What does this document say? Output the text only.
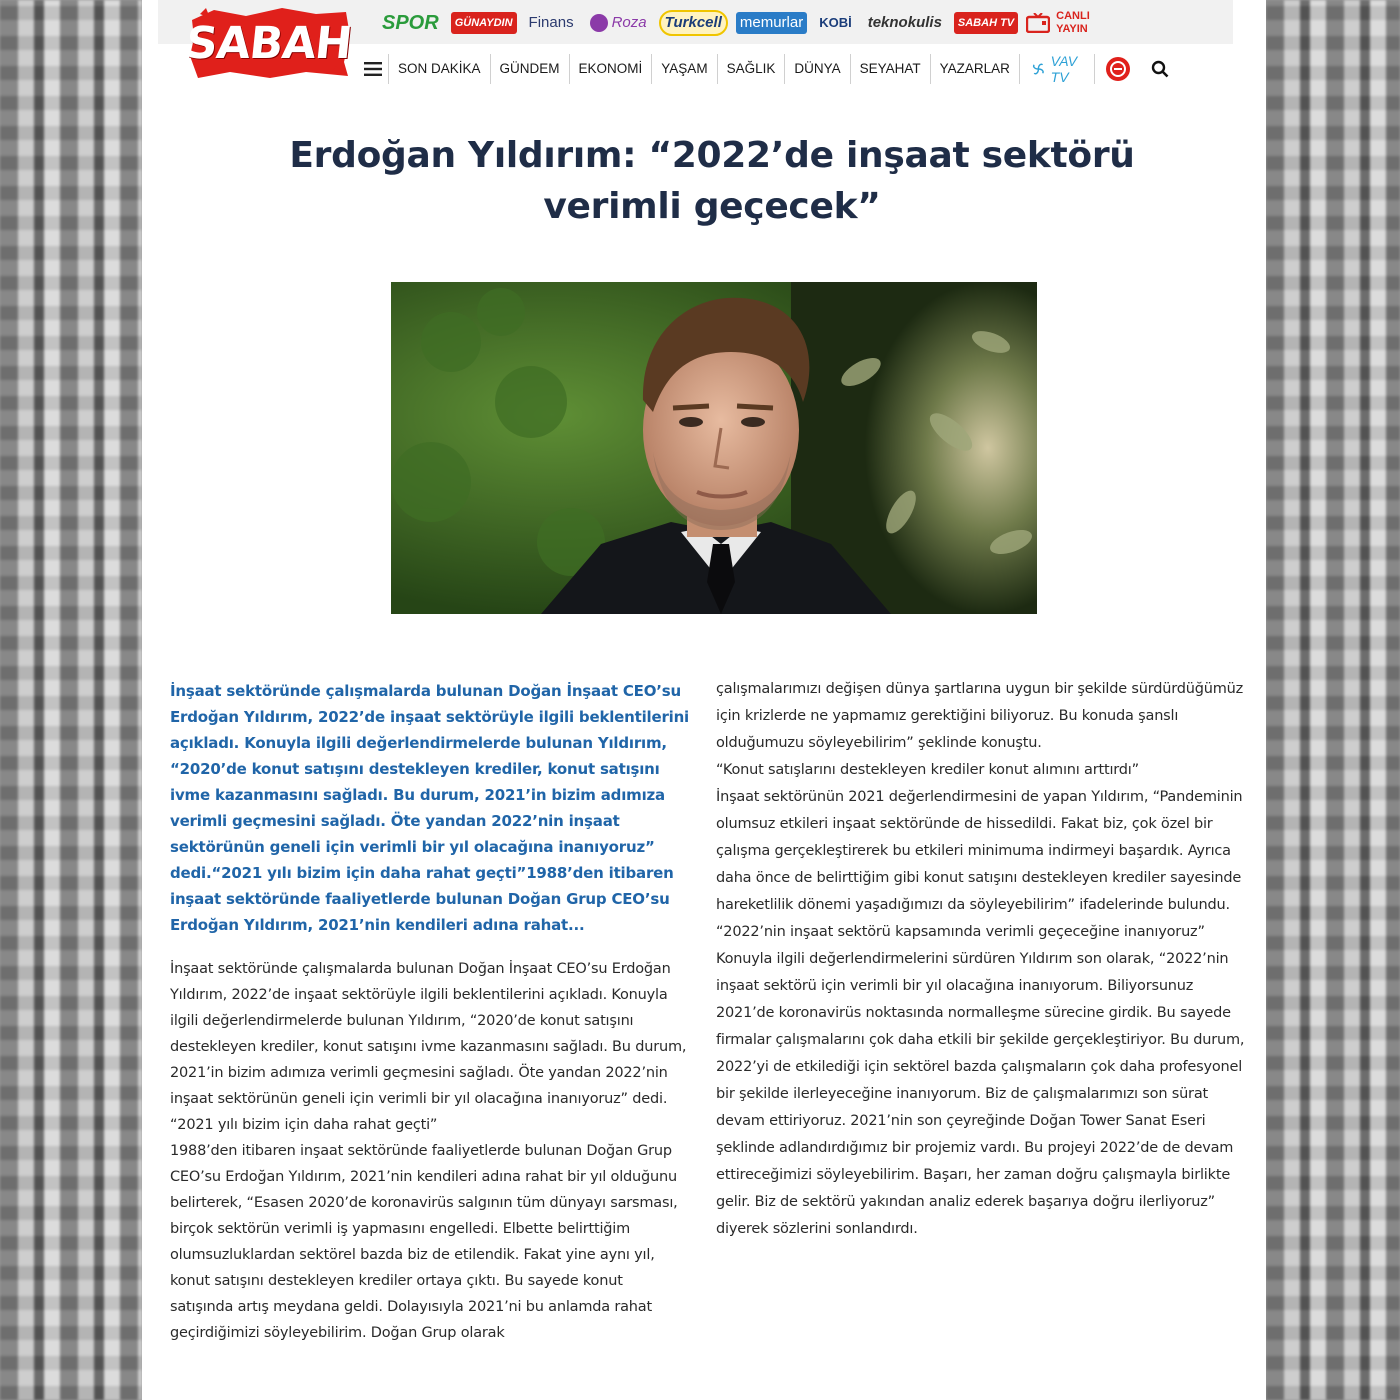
SPOR	GÜNAYDIN Finans	Roza	Turkcell	memurlar	KOBİ teknokulis	SABAH TV
CANLI YAYIN
SABAH	SON DAKİKA	GÜNDEM	EKONOMİ	YAŞAM	SAĞLIK	DÜNYA	SEYAHAT	YAZARLAR	VAV TV
Erdoğan Yıldırım: “2022’de inşaat sektörü verimli geçecek”

İnşaat sektöründe çalışmalarda bulunan Doğan İnşaat CEO’su Erdoğan Yıldırım, 2022’de inşaat sektörüyle ilgili beklentilerini açıkladı. Konuyla ilgili değerlendirmelerde bulunan Yıldırım, “2020’de konut satışını destekleyen krediler, konut satışını ivme kazanmasını sağladı. Bu durum, 2021’in bizim adımıza verimli geçmesini sağladı. Öte yandan 2022’nin inşaat sektörünün geneli için verimli bir yıl olacağına inanıyoruz” dedi.“2021 yılı bizim için daha rahat geçti”1988’den itibaren inşaat sektöründe faaliyetlerde bulunan Doğan Grup CEO’su Erdoğan Yıldırım, 2021’nin kendileri adına rahat...

İnşaat sektöründe çalışmalarda bulunan Doğan İnşaat CEO’su Erdoğan Yıldırım, 2022’de inşaat sektörüyle ilgili beklentilerini açıkladı. Konuyla ilgili değerlendirmelerde bulunan Yıldırım, “2020’de konut satışını destekleyen krediler, konut satışını ivme kazanmasını sağladı. Bu durum, 2021’in bizim adımıza verimli geçmesini sağladı. Öte yandan 2022’nin inşaat sektörünün geneli için verimli bir yıl olacağına inanıyoruz” dedi.

“2021 yılı bizim için daha rahat geçti”

1988’den itibaren inşaat sektöründe faaliyetlerde bulunan Doğan Grup CEO’su Erdoğan Yıldırım, 2021’nin kendileri adına rahat bir yıl olduğunu belirterek, “Esasen 2020’de koronavirüs salgının tüm dünyayı sarsması, birçok sektörün verimli iş yapmasını engelledi. Elbette belirttiğim olumsuzluklardan sektörel bazda biz de etilendik. Fakat yine aynı yıl, konut satışını destekleyen krediler ortaya çıktı. Bu sayede konut satışında artış meydana geldi. Dolayısıyla 2021’ni bu anlamda rahat geçirdiğimizi söyleyebilirim. Doğan Grup olarak

çalışmalarımızı değişen dünya şartlarına uygun bir şekilde sürdürdüğümüz için krizlerde ne yapmamız gerektiğini biliyoruz. Bu konuda şanslı olduğumuzu söyleyebilirim” şeklinde konuştu.

“Konut satışlarını destekleyen krediler konut alımını arttırdı”

İnşaat sektörünün 2021 değerlendirmesini de yapan Yıldırım, “Pandeminin olumsuz etkileri inşaat sektöründe de hissedildi. Fakat biz, çok özel bir çalışma gerçekleştirerek bu etkileri minimuma indirmeyi başardık. Ayrıca daha önce de belirttiğim gibi konut satışını destekleyen krediler sayesinde hareketlilik dönemi yaşadığımızı da söyleyebilirim” ifadelerinde bulundu.

“2022’nin inşaat sektörü kapsamında verimli geçeceğine inanıyoruz”

Konuyla ilgili değerlendirmelerini sürdüren Yıldırım son olarak, “2022’nin inşaat sektörü için verimli bir yıl olacağına inanıyorum. Biliyorsunuz 2021’de koronavirüs noktasında normalleşme sürecine girdik. Bu sayede firmalar çalışmalarını çok daha etkili bir şekilde gerçekleştiriyor. Bu durum, 2022’yi de etkilediği için sektörel bazda çalışmaların çok daha profesyonel bir şekilde ilerleyeceğine inanıyorum. Biz de çalışmalarımızı son sürat devam ettiriyoruz. 2021’nin son çeyreğinde Doğan Tower Sanat Eseri şeklinde adlandırdığımız bir projemiz vardı. Bu projeyi 2022’de de devam ettireceğimizi söyleyebilirim. Başarı, her zaman doğru çalışmayla birlikte gelir. Biz de sektörü yakından analiz ederek başarıya doğru ilerliyoruz” diyerek sözlerini sonlandırdı.
